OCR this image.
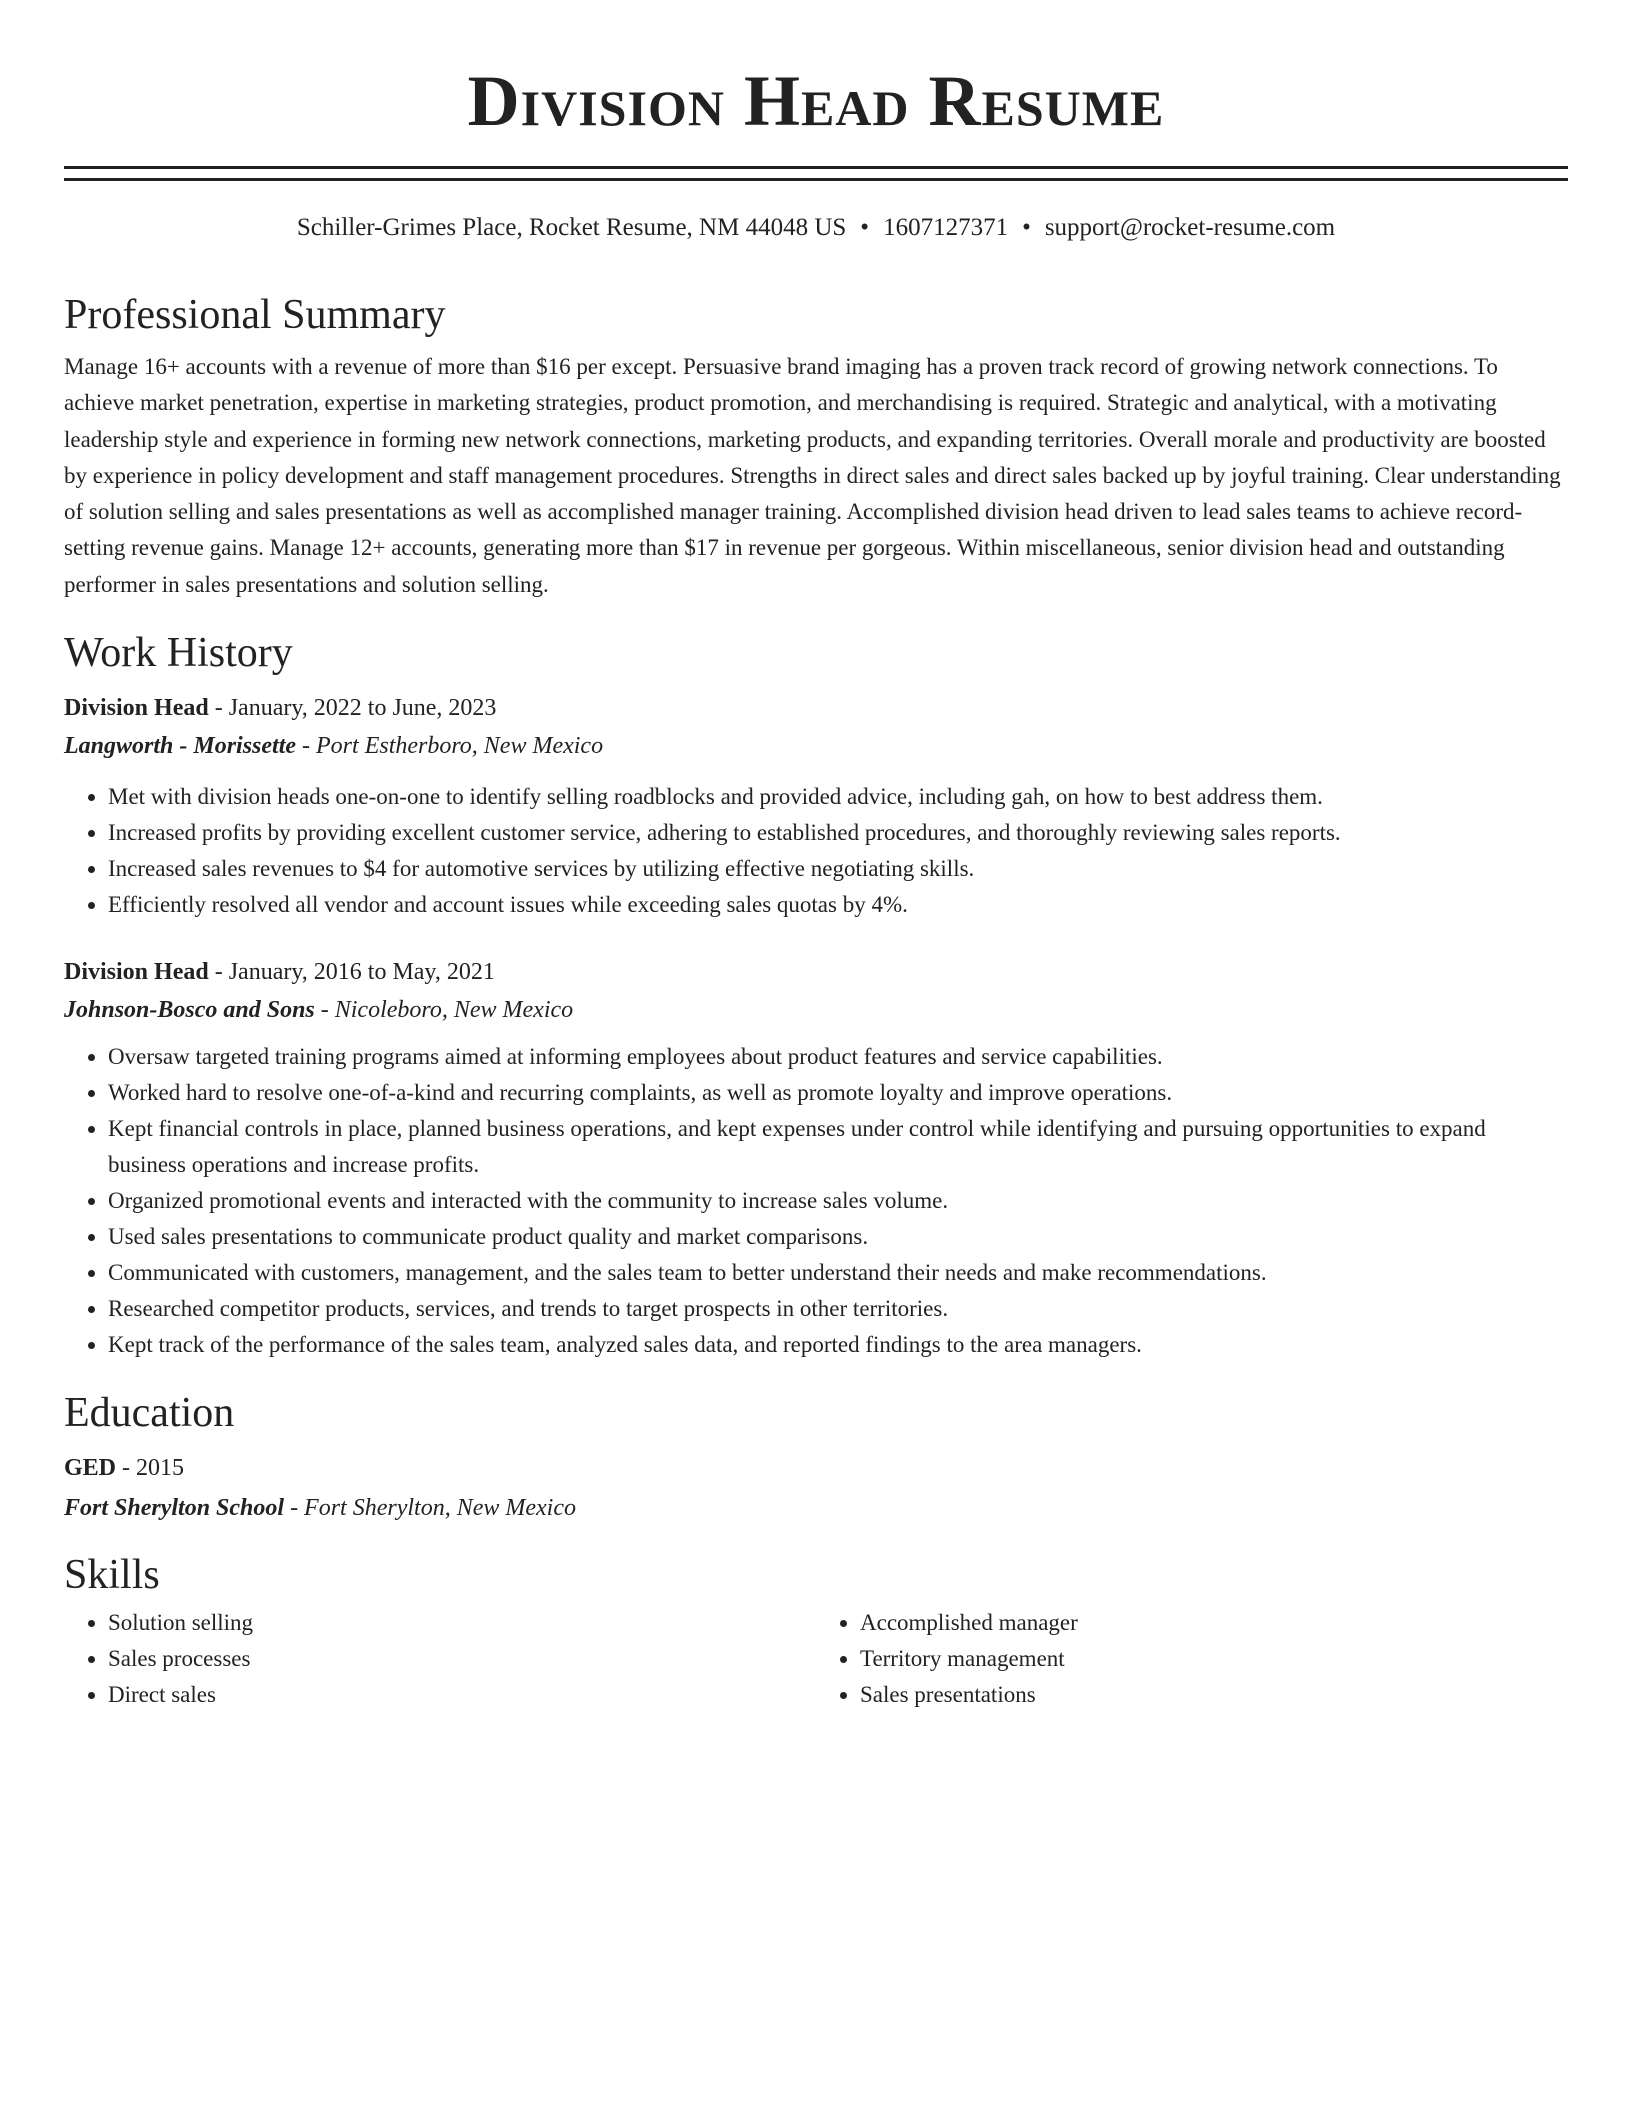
Division Head Resume
Schiller-Grimes Place, Rocket Resume, NM 44048 US • 1607127371 • support@rocket-resume.com
Professional Summary

Manage 16+ accounts with a revenue of more than $16 per except. Persuasive brand imaging has a proven track record of growing network connections. To achieve market penetration, expertise in marketing strategies, product promotion, and merchandising is required. Strategic and analytical, with a motivating leadership style and experience in forming new network connections, marketing products, and expanding territories. Overall morale and productivity are boosted by experience in policy development and staff management procedures. Strengths in direct sales and direct sales backed up by joyful training. Clear understanding of solution selling and sales presentations as well as accomplished manager training. Accomplished division head driven to lead sales teams to achieve record-setting revenue gains. Manage 12+ accounts, generating more than $17 in revenue per gorgeous. Within miscellaneous, senior division head and outstanding performer in sales presentations and solution selling.

Work History
Division Head - January, 2022 to June, 2023
Langworth - Morissette - Port Estherboro, New Mexico
• Met with division heads one-on-one to identify selling roadblocks and provided advice, including gah, on how to best address them.
• Increased profits by providing excellent customer service, adhering to established procedures, and thoroughly reviewing sales reports.
• Increased sales revenues to $4 for automotive services by utilizing effective negotiating skills.
• Efficiently resolved all vendor and account issues while exceeding sales quotas by 4%.
Division Head - January, 2016 to May, 2021
Johnson-Bosco and Sons - Nicoleboro, New Mexico
• Oversaw targeted training programs aimed at informing employees about product features and service capabilities.
• Worked hard to resolve one-of-a-kind and recurring complaints, as well as promote loyalty and improve operations.
• Kept financial controls in place, planned business operations, and kept expenses under control while identifying and pursuing opportunities to expand business operations and increase profits.
• Organized promotional events and interacted with the community to increase sales volume.
• Used sales presentations to communicate product quality and market comparisons.
• Communicated with customers, management, and the sales team to better understand their needs and make recommendations.
• Researched competitor products, services, and trends to target prospects in other territories.
• Kept track of the performance of the sales team, analyzed sales data, and reported findings to the area managers.
Education
GED - 2015
Fort Sherylton School - Fort Sherylton, New Mexico
Skills
• Solution selling
• Sales processes
• Direct sales
• Accomplished manager
• Territory management
• Sales presentations
